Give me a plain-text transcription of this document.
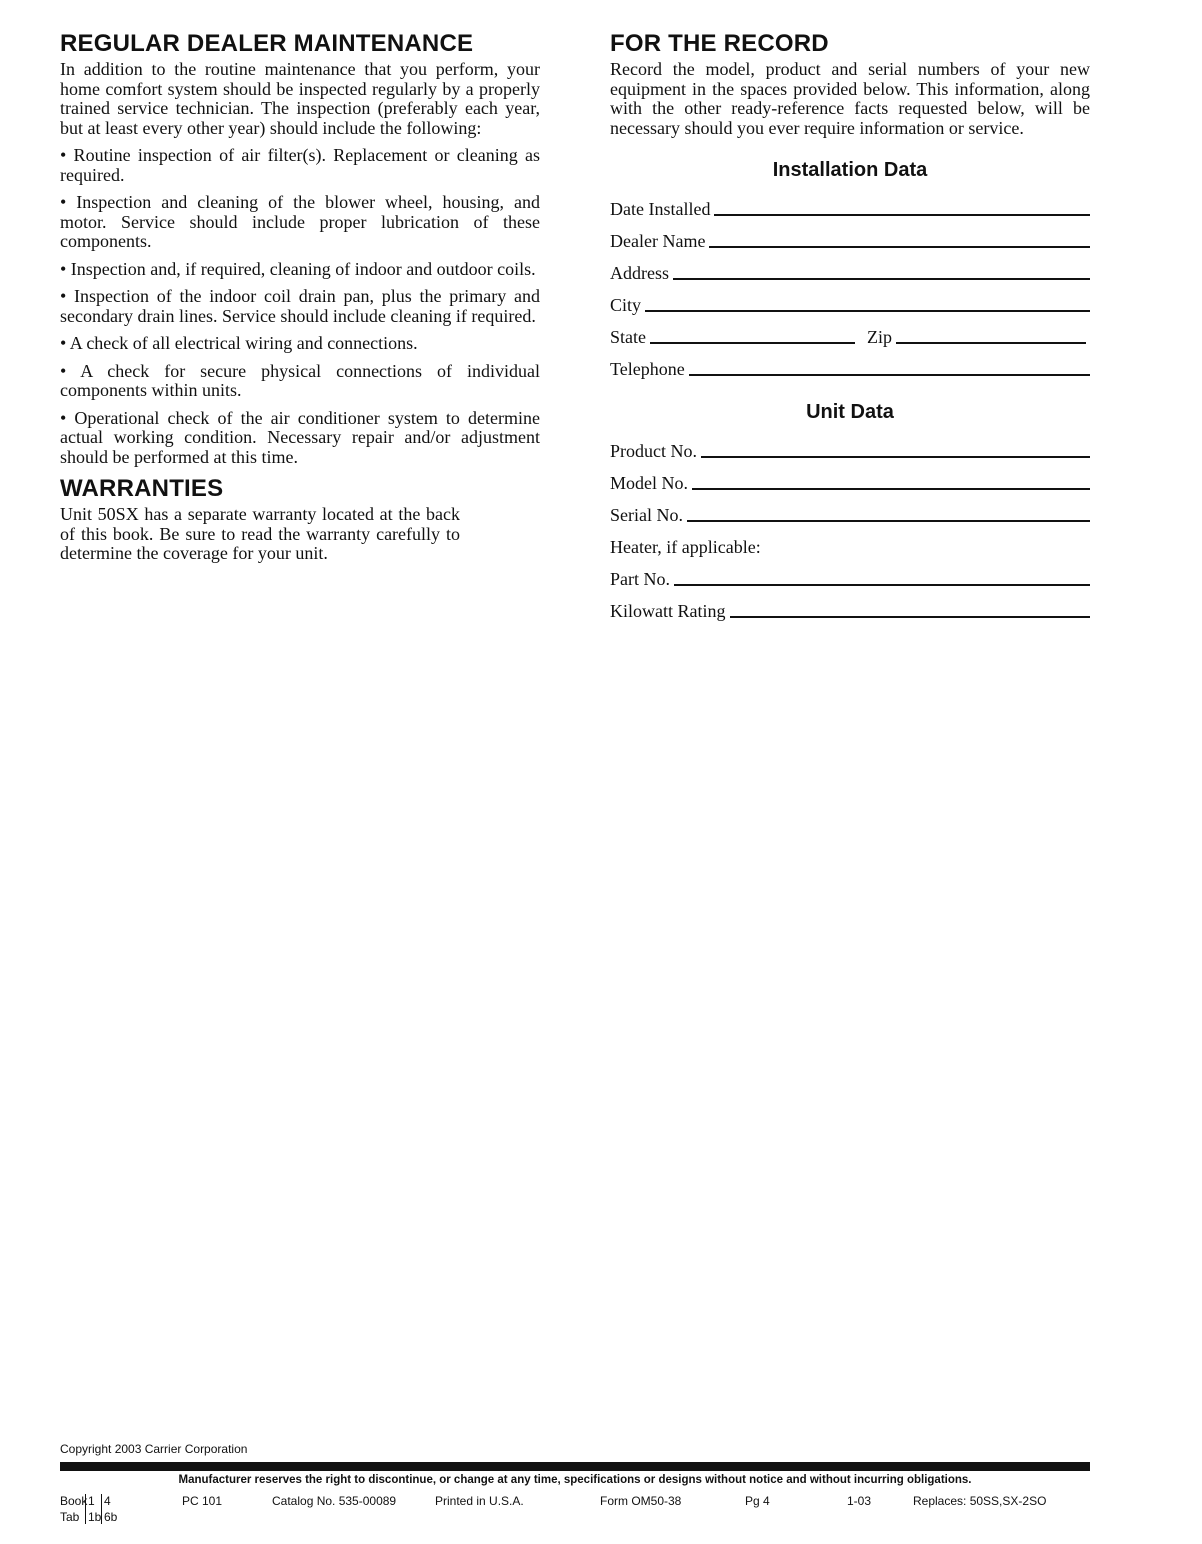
REGULAR DEALER MAINTENANCE

In addition to the routine maintenance that you perform, your home comfort system should be inspected regularly by a properly trained service technician. The inspection (preferably each year, but at least every other year) should include the following:

• Routine inspection of air filter(s). Replacement or cleaning as required.

• Inspection and cleaning of the blower wheel, housing, and motor. Service should include proper lubrication of these components.

• Inspection and, if required, cleaning of indoor and outdoor coils.

• Inspection of the indoor coil drain pan, plus the primary and secondary drain lines. Service should include cleaning if required.

• A check of all electrical wiring and connections.

• A check for secure physical connections of individual components within units.

• Operational check of the air conditioner system to determine actual working condition. Necessary repair and/or adjustment should be performed at this time.

WARRANTIES

Unit 50SX has a separate warranty located at the back of this book. Be sure to read the warranty carefully to determine the coverage for your unit.

FOR THE RECORD

Record the model, product and serial numbers of your new equipment in the spaces provided below. This information, along with the other ready-reference facts requested below, will be necessary should you ever require information or service.

Installation Data
Date Installed
Dealer Name
Address
City
State	Zip
Telephone
Unit Data
Product No.
Model No.
Serial No.
Heater, if applicable:
Part No.
Kilowatt Rating
Copyright 2003 Carrier Corporation
Manufacturer reserves the right to discontinue, or change at any time, specifications or designs without notice and without incurring obligations.
Book 1 4	PC 101	Catalog No. 535-00089	Printed in U.S.A.	Form OM50-38	Pg 4	1-03	Replaces: 50SS,SX-2SO
Tab 1b 6b
